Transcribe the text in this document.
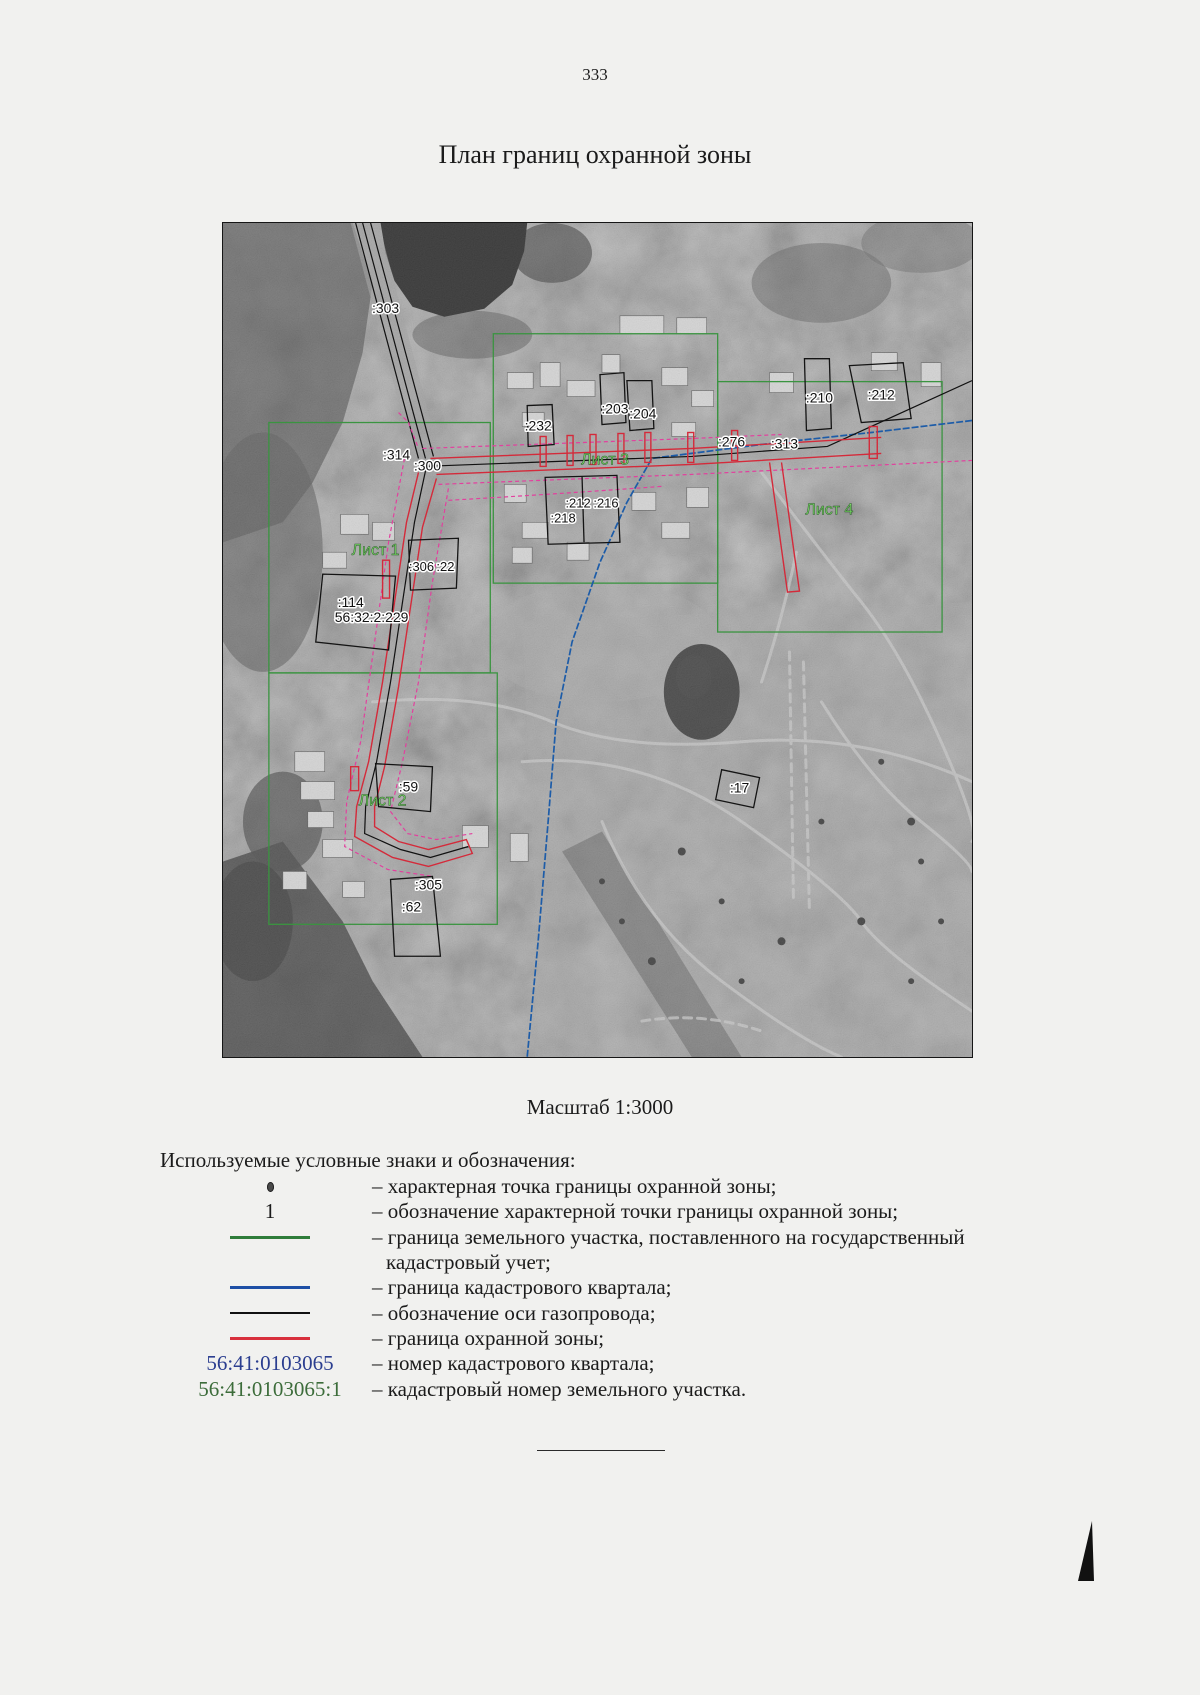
333
План границ охранной зоны
Лист 1
Лист 2
Лист 3
Лист 4
:303
:232
:203 :204
:210 :212
:276 :313
:314
:300
:212 :216
:218
:306 :22
:114
56:32:2:229
:59	:17
:305
:62
Масштаб 1:3000
Используемые условные знаки и обозначения:
– характерная точка границы охранной зоны;
1	– обозначение характерной точки границы охранной зоны;
– граница земельного участка, поставленного на государственный
кадастровый учет;
– граница кадастрового квартала;
– обозначение оси газопровода;
– граница охранной зоны;
56:41:0103065	– номер кадастрового квартала;
56:41:0103065:1	– кадастровый номер земельного участка.
